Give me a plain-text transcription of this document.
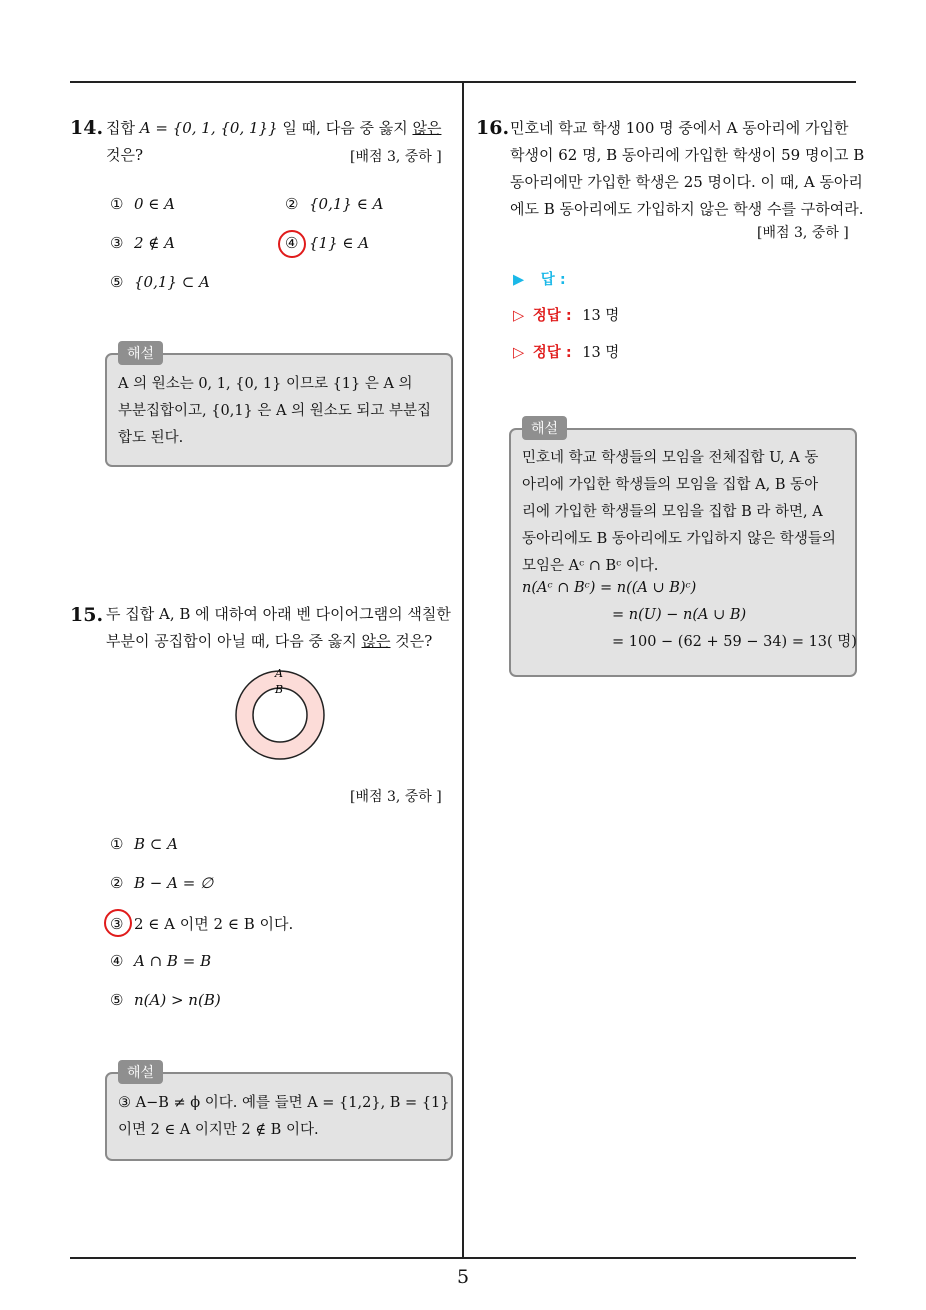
5
14. 집합 A = {0, 1, {0, 1}} 일 때, 다음 중 옳지 않은
것은?	[배점 3, 중하 ]
① 0 ∈ A	② {0,1} ∈ A
③ 2 ∉ A	④ {1} ∈ A
⑤ {0,1} ⊂ A
해설
A 의 원소는 0, 1, {0, 1} 이므로 {1} 은 A 의
부분집합이고, {0,1} 은 A 의 원소도 되고 부분집
합도 된다.
15. 두 집합 A, B 에 대하여 아래 벤 다이어그램의 색칠한
부분이 공집합이 아닐 때, 다음 중 옳지 않은 것은?
A
B
[배점 3, 중하 ]
① B ⊂ A
② B − A = ∅
③ 2 ∈ A 이면 2 ∈ B 이다.
④ A ∩ B = B
⑤ n(A) > n(B)
해설
③ A−B ≠ ϕ 이다. 예를 들면 A = {1,2}, B = {1}
이면 2 ∈ A 이지만 2 ∉ B 이다.
16. 민호네 학교 학생 100 명 중에서 A 동아리에 가입한
학생이 62 명, B 동아리에 가입한 학생이 59 명이고 B
동아리에만 가입한 학생은 25 명이다. 이 때, A 동아리
에도 B 동아리에도 가입하지 않은 학생 수를 구하여라.
[배점 3, 중하 ]
▶ 답 :
▷ 정답 : 13 명
▷ 정답 : 13 명
해설
민호네 학교 학생들의 모임을 전체집합 U, A 동
아리에 가입한 학생들의 모임을 집합 A, B 동아
리에 가입한 학생들의 모임을 집합 B 라 하면, A
동아리에도 B 동아리에도 가입하지 않은 학생들의
모임은 Aᶜ ∩ Bᶜ 이다.
n(Aᶜ ∩ Bᶜ) = n((A ∪ B)ᶜ)
= n(U) − n(A ∪ B)
= 100 − (62 + 59 − 34) = 13( 명)
